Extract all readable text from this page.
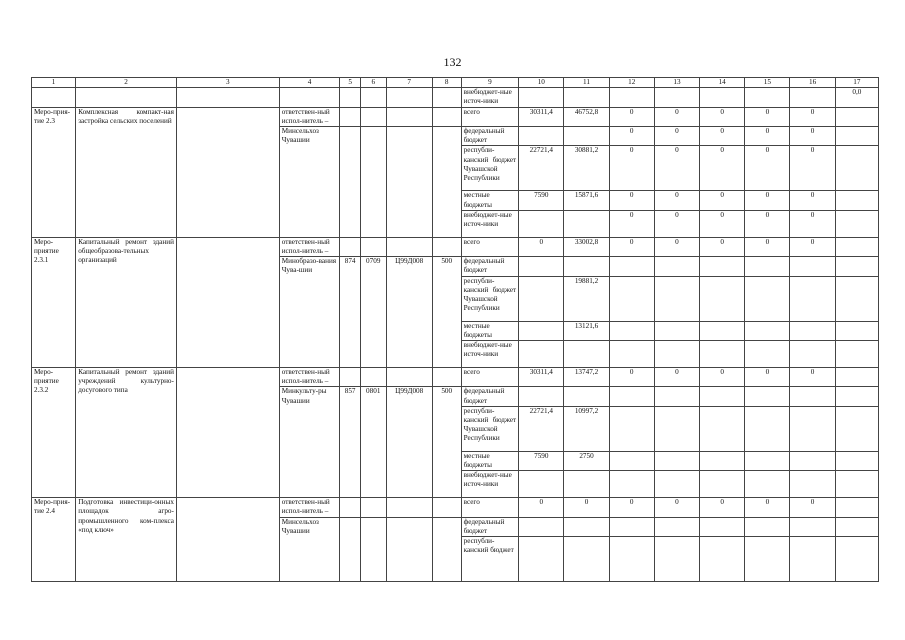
132
1	2	3	4	5	6	7	8	9	10	11	12	13	14	15	16	17
								внебюджет-ные источ-ники								0,0
Меро-прия-тие 2.3	Комплексная компакт-ная застройка сельских поселений		ответствен-ный испол-нитель –					всего	30311,4	46752,8	0	0	0	0	0	
			Минсельхоз Чувашии					федеральный бюджет			0	0	0	0	0	
								республи-канский бюджет Чувашской Республики	22721,4	30881,2	0	0	0	0	0	
								местные бюджеты	7590	15871,6	0	0	0	0	0	
								внебюджет-ные источ-ники			0	0	0	0	0	
Меро-приятие 2.3.1	Капитальный ремонт зданий общеобразова-тельных организаций		ответствен-ный испол-нитель –					всего	0	33002,8	0	0	0	0	0	
			Минобразо-вания Чува-шии	874	0709	Ц99Д008	500	федеральный бюджет								
								республи-канский бюджет Чувашской Республики		19881,2						
								местные бюджеты		13121,6						
								внебюджет-ные источ-ники								
Меро-приятие 2.3.2	Капитальный ремонт зданий учреждений культурно-досугового типа		ответствен-ный испол-нитель –					всего	30311,4	13747,2	0	0	0	0	0	
			Минкульту-ры Чувашии	857	0801	Ц99Д008	500	федеральный бюджет								
								республи-канский бюджет Чувашской Республики	22721,4	10997,2						
								местные бюджеты	7590	2750						
								внебюджет-ные источ-ники								
Меро-прия-тие 2.4	Подготовка инвестици-онных площадок агро-промышленного ком-плекса «под ключ»		ответствен-ный испол-нитель –					всего	0	0	0	0	0	0	0	
			Минсельхоз Чувашии					федеральный бюджет								
								республи-канский бюджет								
